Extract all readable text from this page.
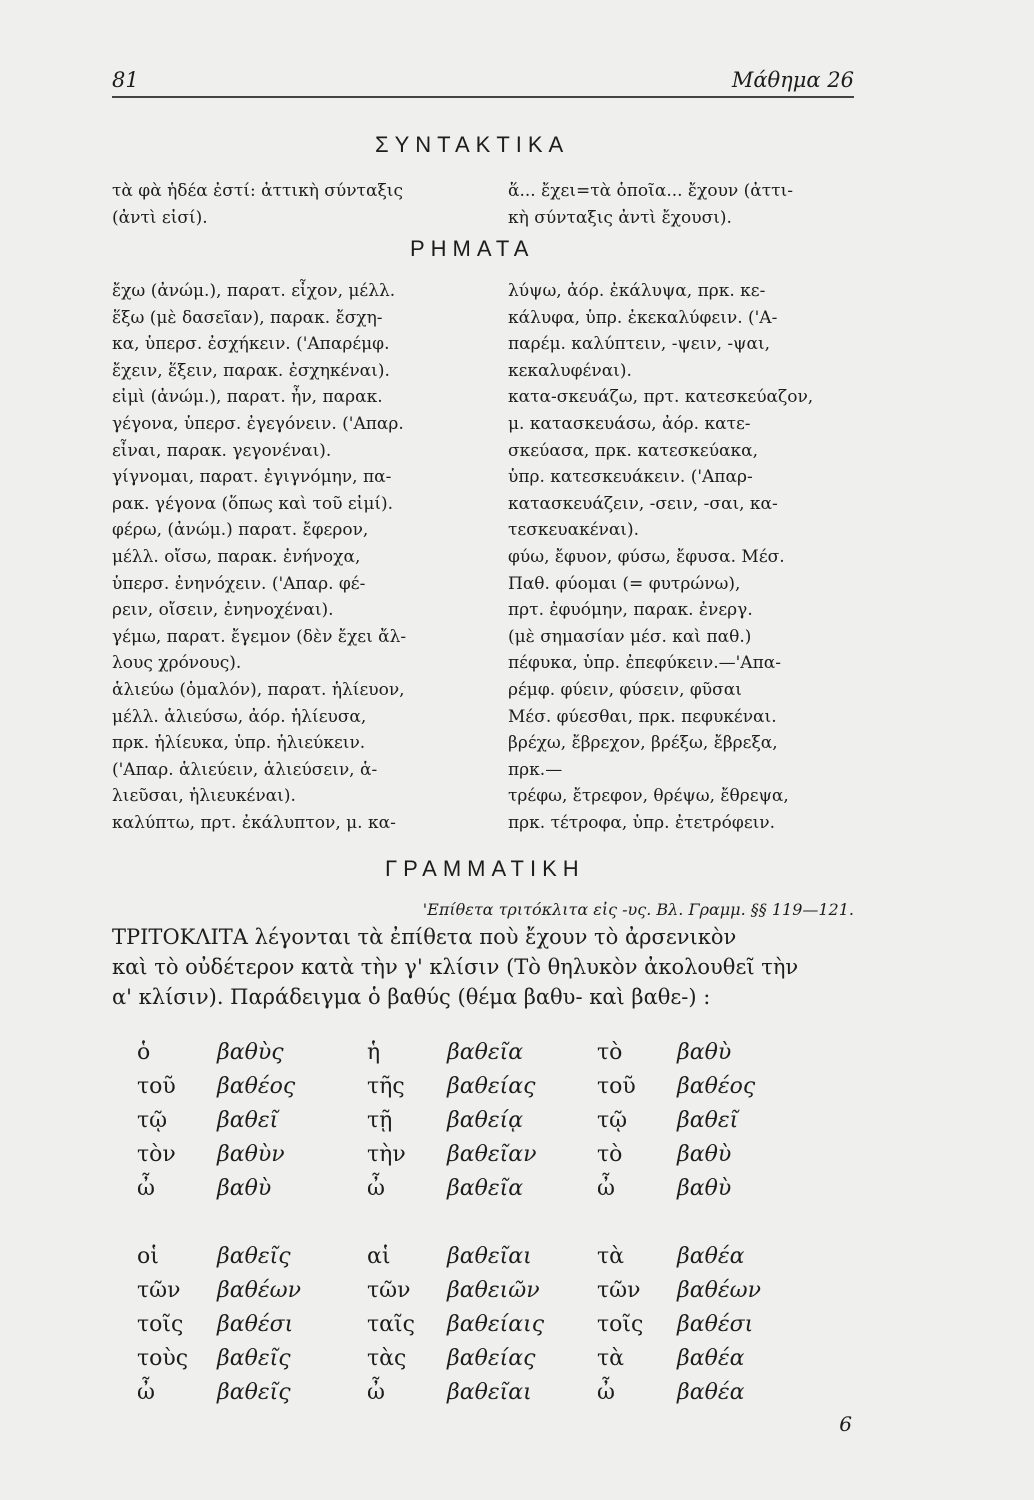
81	Μάθημα 26
ΣΥΝΤΑΚΤΙΚΑ
τὰ φὰ ἡδέα ἐστί: ἀττικὴ σύνταξις
(ἀντὶ εἰσί).
ἅ... ἔχει=τὰ ὁποῖα... ἔχουν (ἀττι-
κὴ σύνταξις ἀντὶ ἔχουσι).
ΡΗΜΑΤΑ
ἔχω (ἀνώμ.), παρατ. εἶχον, μέλλ.
ἕξω (μὲ δασεῖαν), παρακ. ἔσχη-
κα, ὑπερσ. ἐσχήκειν. ('Απαρέμφ.
ἔχειν, ἕξειν, παρακ. ἐσχηκέναι).
εἰμὶ (ἀνώμ.), παρατ. ἦν, παρακ.
γέγονα, ὑπερσ. ἐγεγόνειν. ('Απαρ.
εἶναι, παρακ. γεγονέναι).
γίγνομαι, παρατ. ἐγιγνόμην, πα-
ρακ. γέγονα (ὅπως καὶ τοῦ εἰμί).
φέρω, (ἀνώμ.) παρατ. ἔφερον,
μέλλ. οἴσω, παρακ. ἐνήνοχα,
ὑπερσ. ἐνηνόχειν. ('Απαρ. φέ-
ρειν, οἴσειν, ἐνηνοχέναι).
γέμω, παρατ. ἔγεμον (δὲν ἔχει ἄλ-
λους χρόνους).
ἁλιεύω (ὁμαλόν), παρατ. ἡλίευον,
μέλλ. ἁλιεύσω, ἀόρ. ἡλίευσα,
πρκ. ἡλίευκα, ὑπρ. ἡλιεύκειν.
('Απαρ. ἁλιεύειν, ἁλιεύσειν, ἁ-
λιεῦσαι, ἡλιευκέναι).
καλύπτω, πρτ. ἐκάλυπτον, μ. κα-
λύψω, ἀόρ. ἐκάλυψα, πρκ. κε-
κάλυφα, ὑπρ. ἐκεκαλύφειν. ('Α-
παρέμ. καλύπτειν, -ψειν, -ψαι,
κεκαλυφέναι).
κατα-σκευάζω, πρτ. κατεσκεύαζον,
μ. κατασκευάσω, ἀόρ. κατε-
σκεύασα, πρκ. κατεσκεύακα,
ὑπρ. κατεσκευάκειν. ('Απαρ-
κατασκευάζειν, -σειν, -σαι, κα-
τεσκευακέναι).
φύω, ἔφυον, φύσω, ἔφυσα. Μέσ.
Παθ. φύομαι (= φυτρώνω),
πρτ. ἐφυόμην, παρακ. ἐνεργ.
(μὲ σημασίαν μέσ. καὶ παθ.)
πέφυκα, ὑπρ. ἐπεφύκειν.—'Απα-
ρέμφ. φύειν, φύσειν, φῦσαι
Μέσ. φύεσθαι, πρκ. πεφυκέναι.
βρέχω, ἔβρεχον, βρέξω, ἔβρεξα,
πρκ.—
τρέφω, ἔτρεφον, θρέψω, ἔθρεψα,
πρκ. τέτροφα, ὑπρ. ἐτετρόφειν.
ΓΡΑΜΜΑΤΙΚΗ
'Επίθετα τριτόκλιτα εἰς -υς. Βλ. Γραμμ. §§ 119—121.
ΤΡΙΤΟΚΛΙΤΑ λέγονται τὰ ἐπίθετα ποὺ ἔχουν τὸ ἀρσενικὸν
καὶ τὸ οὐδέτερον κατὰ τὴν γ' κλίσιν (Τὸ θηλυκὸν ἀκολουθεῖ τὴν
α' κλίσιν). Παράδειγμα ὁ βαθύς (θέμα βαθυ- καὶ βαθε-) :
ὁ	βαθὺς	ἡ	βαθεῖα	τὸ	βαθὺ
τοῦ	βαθέος	τῆς	βαθείας	τοῦ	βαθέος
τῷ	βαθεῖ	τῇ	βαθείᾳ	τῷ	βαθεῖ
τὸν	βαθὺν	τὴν	βαθεῖαν	τὸ	βαθὺ
ὦ	βαθὺ	ὦ	βαθεῖα	ὦ	βαθὺ
οἱ	βαθεῖς	αἱ	βαθεῖαι	τὰ	βαθέα
τῶν	βαθέων	τῶν	βαθειῶν	τῶν	βαθέων
τοῖς	βαθέσι	ταῖς	βαθείαις	τοῖς	βαθέσι
τοὺς	βαθεῖς	τὰς	βαθείας	τὰ	βαθέα
ὦ	βαθεῖς	ὦ	βαθεῖαι	ὦ	βαθέα
6
